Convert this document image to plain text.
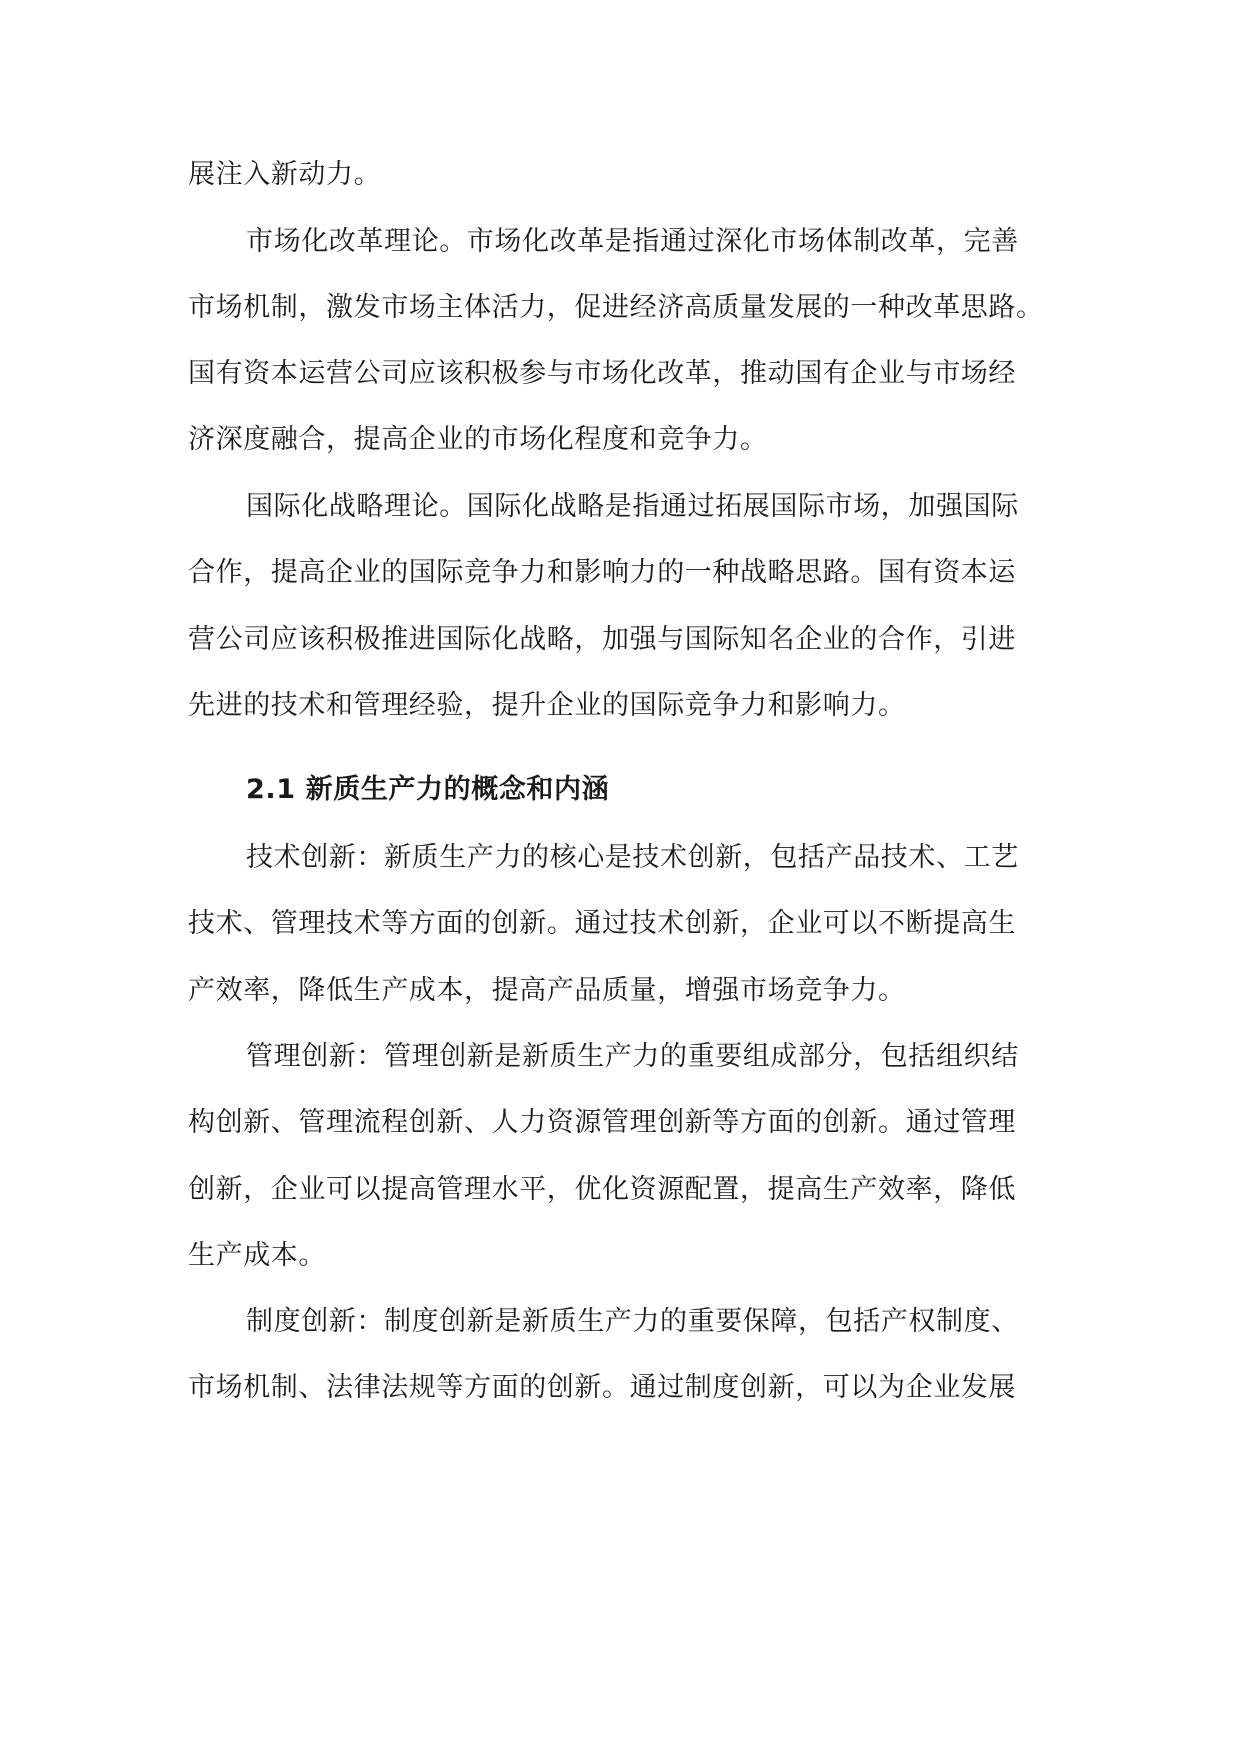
展注入新动力。
市场化改革理论。市场化改革是指通过深化市场体制改革，完善
市场机制，激发市场主体活力，促进经济高质量发展的一种改革思路。
国有资本运营公司应该积极参与市场化改革，推动国有企业与市场经
济深度融合，提高企业的市场化程度和竞争力。
国际化战略理论。国际化战略是指通过拓展国际市场，加强国际
合作，提高企业的国际竞争力和影响力的一种战略思路。国有资本运
营公司应该积极推进国际化战略，加强与国际知名企业的合作，引进
先进的技术和管理经验，提升企业的国际竞争力和影响力。
2.1 新质生产力的概念和内涵
技术创新：新质生产力的核心是技术创新，包括产品技术、工艺
技术、管理技术等方面的创新。通过技术创新，企业可以不断提高生
产效率，降低生产成本，提高产品质量，增强市场竞争力。
管理创新：管理创新是新质生产力的重要组成部分，包括组织结
构创新、管理流程创新、人力资源管理创新等方面的创新。通过管理
创新，企业可以提高管理水平，优化资源配置，提高生产效率，降低
生产成本。
制度创新：制度创新是新质生产力的重要保障，包括产权制度、
市场机制、法律法规等方面的创新。通过制度创新，可以为企业发展
